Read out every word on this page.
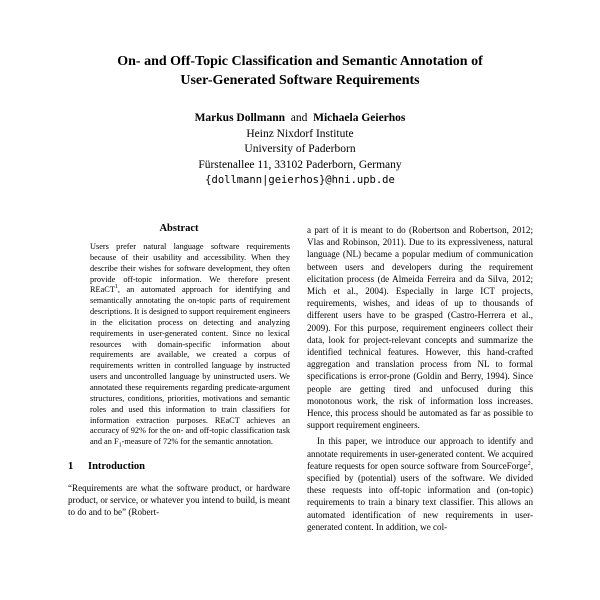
On- and Off-Topic Classification and Semantic Annotation of
User-Generated Software Requirements
Markus Dollmann and Michaela Geierhos
Heinz Nixdorf Institute
University of Paderborn
Fürstenallee 11, 33102 Paderborn, Germany
{dollmann|geierhos}@hni.upb.de
Abstract
Users prefer natural language software requirements because of their usability and accessibility. When they describe their wishes for software development, they often provide off-topic information. We therefore present REaCT$^1$, an automated approach for identifying and semantically annotating the on-topic parts of requirement descriptions. It is designed to support requirement engineers in the elicitation process on detecting and analyzing requirements in user-generated content. Since no lexical resources with domain-specific information about requirements are available, we created a corpus of requirements written in controlled language by instructed users and uncontrolled language by uninstructed users. We annotated these requirements regarding predicate-argument structures, conditions, priorities, motivations and semantic roles and used this information to train classifiers for information extraction purposes. REaCT achieves an accuracy of 92% for the on- and off-topic classification task and an $F_1$-measure of 72% for the semantic annotation.
1 Introduction
“Requirements are what the software product, or hardware product, or service, or whatever you intend to build, is meant to do and to be” (Robert-

a part of it is meant to do (Robertson and Robertson, 2012; Vlas and Robinson, 2011). Due to its expressiveness, natural language (NL) became a popular medium of communication between users and developers during the requirement elicitation process (de Almeida Ferreira and da Silva, 2012; Mich et al., 2004). Especially in large ICT projects, requirements, wishes, and ideas of up to thousands of different users have to be grasped (Castro-Herrera et al., 2009). For this purpose, requirement engineers collect their data, look for project-relevant concepts and summarize the identified technical features. However, this hand-crafted aggregation and translation process from NL to formal specifications is error-prone (Goldin and Berry, 1994). Since people are getting tired and unfocused during this monotonous work, the risk of information loss increases. Hence, this process should be automated as far as possible to support requirement engineers.

In this paper, we introduce our approach to identify and annotate requirements in user-generated content. We acquired feature requests for open source software from SourceForge$^2$, specified by (potential) users of the software. We divided these requests into off-topic information and (on-topic) requirements to train a binary text classifier. This allows an automated identification of new requirements in user-generated content. In addition, we col-
